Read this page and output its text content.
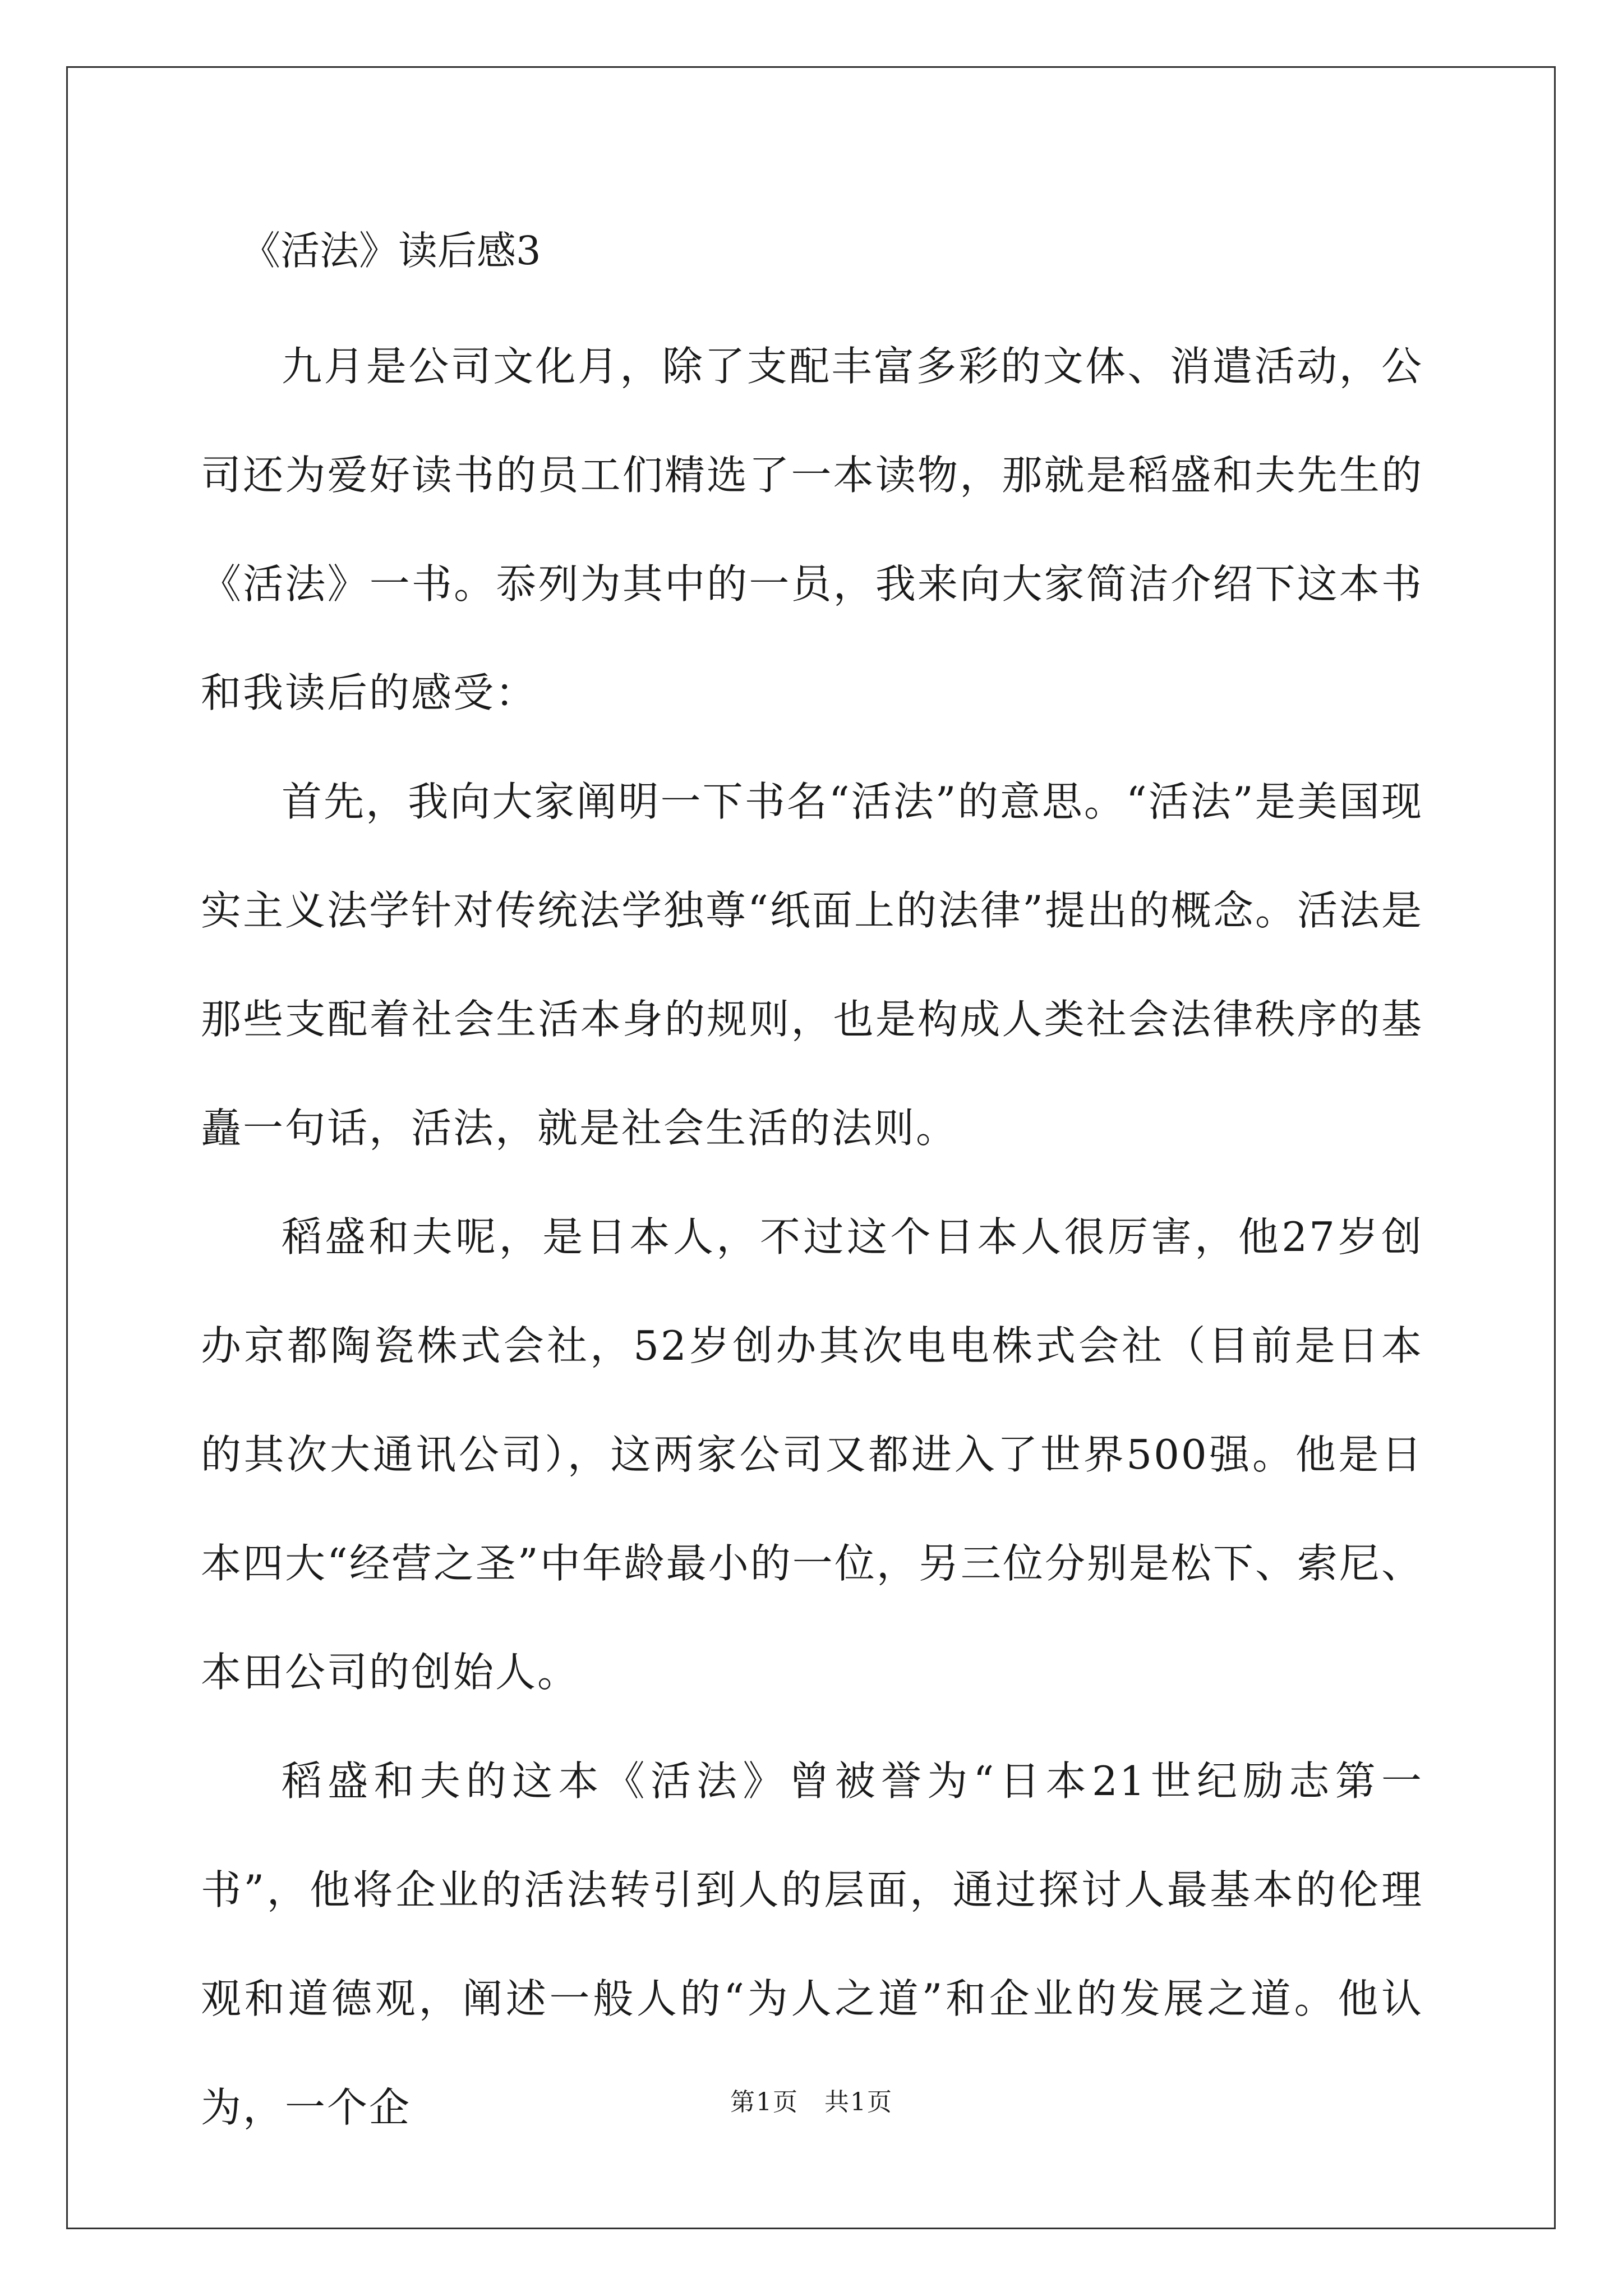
《活法》读后感3

九月是公司文化月，除了支配丰富多彩的文体、消遣活动，公司还为爱好读书的员工们精选了一本读物，那就是稻盛和夫先生的《活法》一书。忝列为其中的一员，我来向大家简洁介绍下这本书和我读后的感受：

首先，我向大家阐明一下书名“活法”的意思。“活法”是美国现实主义法学针对传统法学独尊“纸面上的法律”提出的概念。活法是那些支配着社会生活本身的规则，也是构成人类社会法律秩序的基矗一句话，活法，就是社会生活的法则。

稻盛和夫呢，是日本人，不过这个日本人很厉害，他27岁创办京都陶瓷株式会社，52岁创办其次电电株式会社（目前是日本的其次大通讯公司），这两家公司又都进入了世界500强。他是日本四大“经营之圣”中年龄最小的一位，另三位分别是松下、索尼、本田公司的创始人。

稻盛和夫的这本《活法》曾被誉为“日本21世纪励志第一书”，他将企业的活法转引到人的层面，通过探讨人最基本的伦理观和道德观，阐述一般人的“为人之道”和企业的发展之道。他认为，一个企	第1页　共1页
